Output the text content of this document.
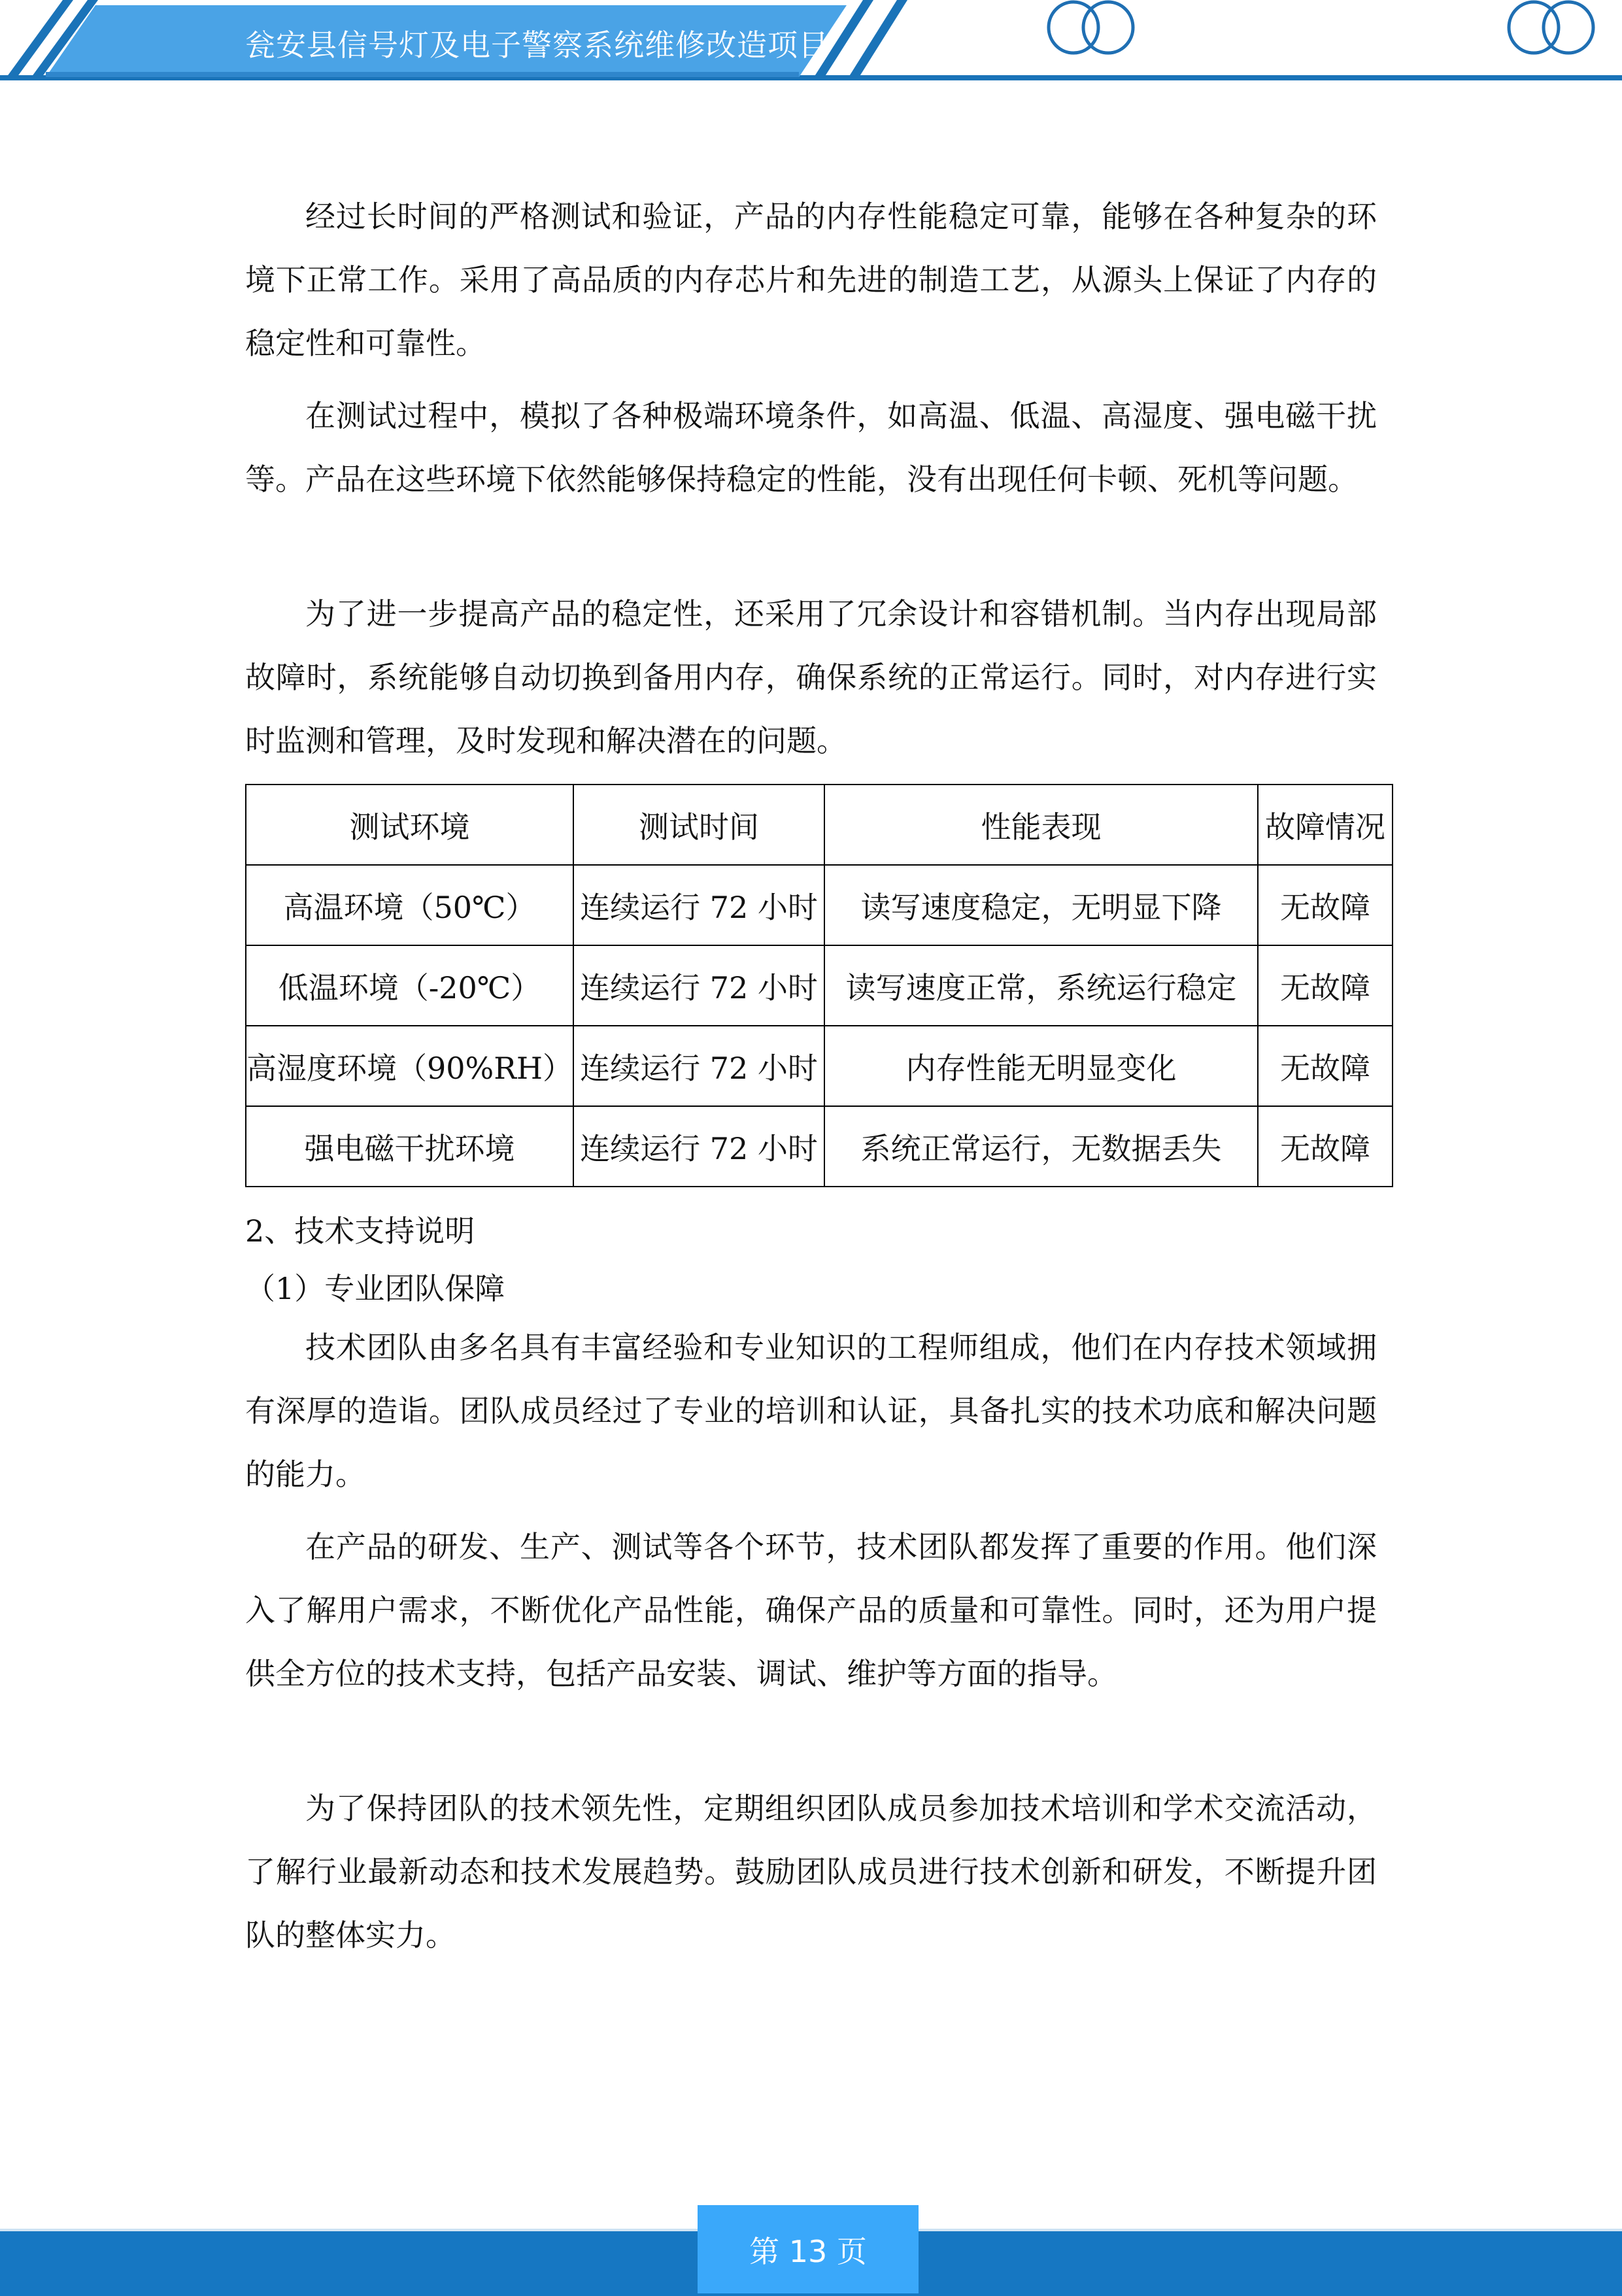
瓮安县信号灯及电子警察系统维修改造项目

经过长时间的严格测试和验证，产品的内存性能稳定可靠，能够在各种复杂的环境下正常工作。采用了高品质的内存芯片和先进的制造工艺，从源头上保证了内存的稳定性和可靠性。

在测试过程中，模拟了各种极端环境条件，如高温、低温、高湿度、强电磁干扰等。产品在这些环境下依然能够保持稳定的性能，没有出现任何卡顿、死机等问题。

为了进一步提高产品的稳定性，还采用了冗余设计和容错机制。当内存出现局部故障时，系统能够自动切换到备用内存，确保系统的正常运行。同时，对内存进行实时监测和管理，及时发现和解决潜在的问题。

测试环境	测试时间	性能表现	故障情况
高温环境（50℃）	连续运行 72 小时	读写速度稳定，无明显下降	无故障
低温环境（-20℃）	连续运行 72 小时	读写速度正常，系统运行稳定	无故障
高湿度环境（90%RH）	连续运行 72 小时	内存性能无明显变化	无故障
强电磁干扰环境	连续运行 72 小时	系统正常运行，无数据丢失	无故障
2、技术支持说明
（1）专业团队保障

技术团队由多名具有丰富经验和专业知识的工程师组成，他们在内存技术领域拥有深厚的造诣。团队成员经过了专业的培训和认证，具备扎实的技术功底和解决问题的能力。

在产品的研发、生产、测试等各个环节，技术团队都发挥了重要的作用。他们深入了解用户需求，不断优化产品性能，确保产品的质量和可靠性。同时，还为用户提供全方位的技术支持，包括产品安装、调试、维护等方面的指导。

为了保持团队的技术领先性，定期组织团队成员参加技术培训和学术交流活动，了解行业最新动态和技术发展趋势。鼓励团队成员进行技术创新和研发，不断提升团队的整体实力。

第 13 页
